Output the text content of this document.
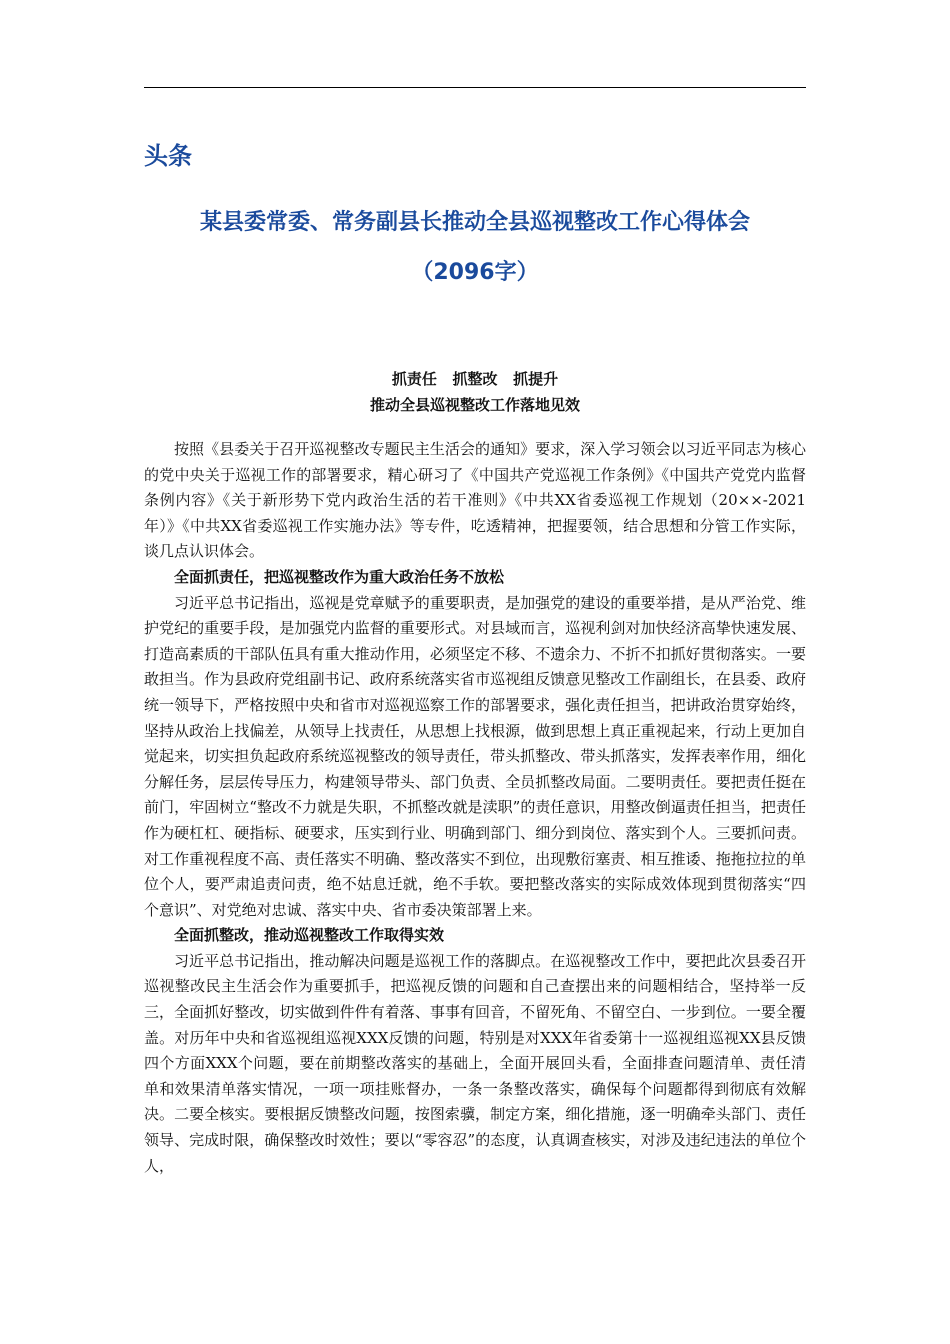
头条
某县委常委、常务副县长推动全县巡视整改工作心得体会
（2096字）
抓责任   抓整改   抓提升
推动全县巡视整改工作落地见效

按照《县委关于召开巡视整改专题民主生活会的通知》要求，深入学习领会以习近平同志为核心的党中央关于巡视工作的部署要求，精心研习了《中国共产党巡视工作条例》《中国共产党党内监督条例内容》《关于新形势下党内政治生活的若干准则》《中共XX省委巡视工作规划（20××-2021年）》《中共XX省委巡视工作实施办法》等专件，吃透精神，把握要领，结合思想和分管工作实际，谈几点认识体会。

全面抓责任，把巡视整改作为重大政治任务不放松

习近平总书记指出，巡视是党章赋予的重要职责，是加强党的建设的重要举措，是从严治党、维护党纪的重要手段，是加强党内监督的重要形式。对县域而言，巡视利剑对加快经济高挚快速发展、打造高素质的干部队伍具有重大推动作用，必须坚定不移、不遗余力、不折不扣抓好贯彻落实。一要敢担当。作为县政府党组副书记、政府系统落实省市巡视组反馈意见整改工作副组长，在县委、政府统一领导下，严格按照中央和省市对巡视巡察工作的部署要求，强化责任担当，把讲政治贯穿始终，坚持从政治上找偏差，从领导上找责任，从思想上找根源，做到思想上真正重视起来，行动上更加自觉起来，切实担负起政府系统巡视整改的领导责任，带头抓整改、带头抓落实，发挥表率作用，细化分解任务，层层传导压力，构建领导带头、部门负责、全员抓整改局面。二要明责任。要把责任挺在前门，牢固树立“整改不力就是失职，不抓整改就是渎职”的责任意识，用整改倒逼责任担当，把责任作为硬杠杠、硬指标、硬要求，压实到行业、明确到部门、细分到岗位、落实到个人。三要抓问责。对工作重视程度不高、责任落实不明确、整改落实不到位，出现敷衍塞责、相互推诿、拖拖拉拉的单位个人，要严肃追责问责，绝不姑息迁就，绝不手软。要把整改落实的实际成效体现到贯彻落实“四个意识”、对党绝对忠诚、落实中央、省市委决策部署上来。

全面抓整改，推动巡视整改工作取得实效

习近平总书记指出，推动解决问题是巡视工作的落脚点。在巡视整改工作中，要把此次县委召开巡视整改民主生活会作为重要抓手，把巡视反馈的问题和自己查摆出来的问题相结合，坚持举一反三，全面抓好整改，切实做到件件有着落、事事有回音，不留死角、不留空白、一步到位。一要全覆盖。对历年中央和省巡视组巡视XXX反馈的问题，特别是对XXX年省委第十一巡视组巡视XX县反馈四个方面XXX个问题，要在前期整改落实的基础上，全面开展回头看，全面排查问题清单、责任清单和效果清单落实情况，一项一项挂账督办，一条一条整改落实，确保每个问题都得到彻底有效解决。二要全核实。要根据反馈整改问题，按图索骥，制定方案，细化措施，逐一明确牵头部门、责任领导、完成时限，确保整改时效性；要以“零容忍”的态度，认真调查核实，对涉及违纪违法的单位个人，
